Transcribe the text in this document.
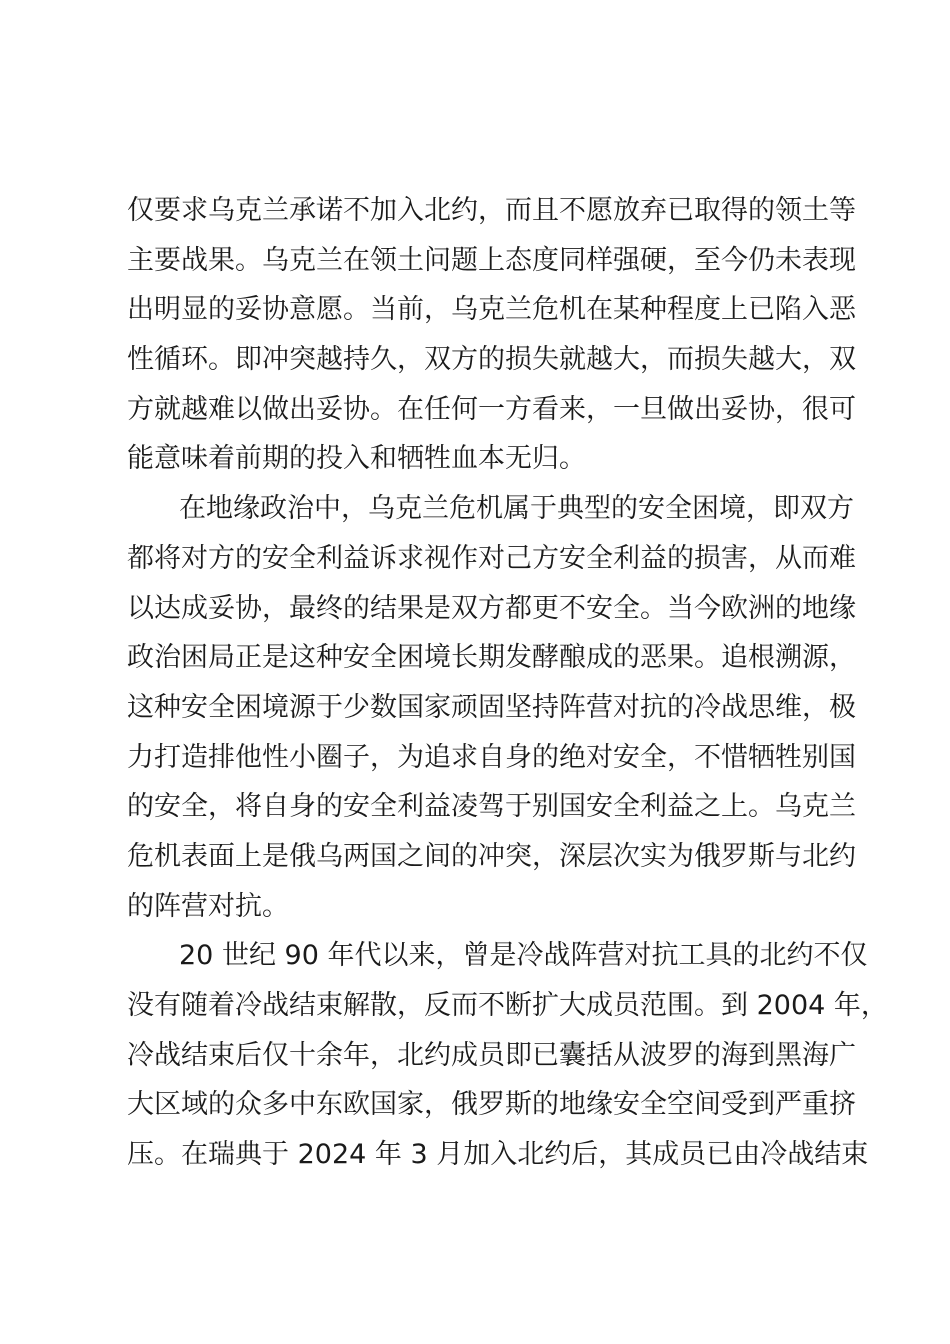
仅要求乌克兰承诺不加入北约，而且不愿放弃已取得的领土等
主要战果。乌克兰在领土问题上态度同样强硬，至今仍未表现
出明显的妥协意愿。当前，乌克兰危机在某种程度上已陷入恶
性循环。即冲突越持久，双方的损失就越大，而损失越大，双
方就越难以做出妥协。在任何一方看来，一旦做出妥协，很可
能意味着前期的投入和牺牲血本无归。
在地缘政治中，乌克兰危机属于典型的安全困境，即双方
都将对方的安全利益诉求视作对己方安全利益的损害，从而难
以达成妥协，最终的结果是双方都更不安全。当今欧洲的地缘
政治困局正是这种安全困境长期发酵酿成的恶果。追根溯源，
这种安全困境源于少数国家顽固坚持阵营对抗的冷战思维，极
力打造排他性小圈子，为追求自身的绝对安全，不惜牺牲别国
的安全，将自身的安全利益凌驾于别国安全利益之上。乌克兰
危机表面上是俄乌两国之间的冲突，深层次实为俄罗斯与北约
的阵营对抗。
20 世纪 90 年代以来，曾是冷战阵营对抗工具的北约不仅
没有随着冷战结束解散，反而不断扩大成员范围。到 2004 年，
冷战结束后仅十余年，北约成员即已囊括从波罗的海到黑海广
大区域的众多中东欧国家，俄罗斯的地缘安全空间受到严重挤
压。在瑞典于 2024 年 3 月加入北约后，其成员已由冷战结束
